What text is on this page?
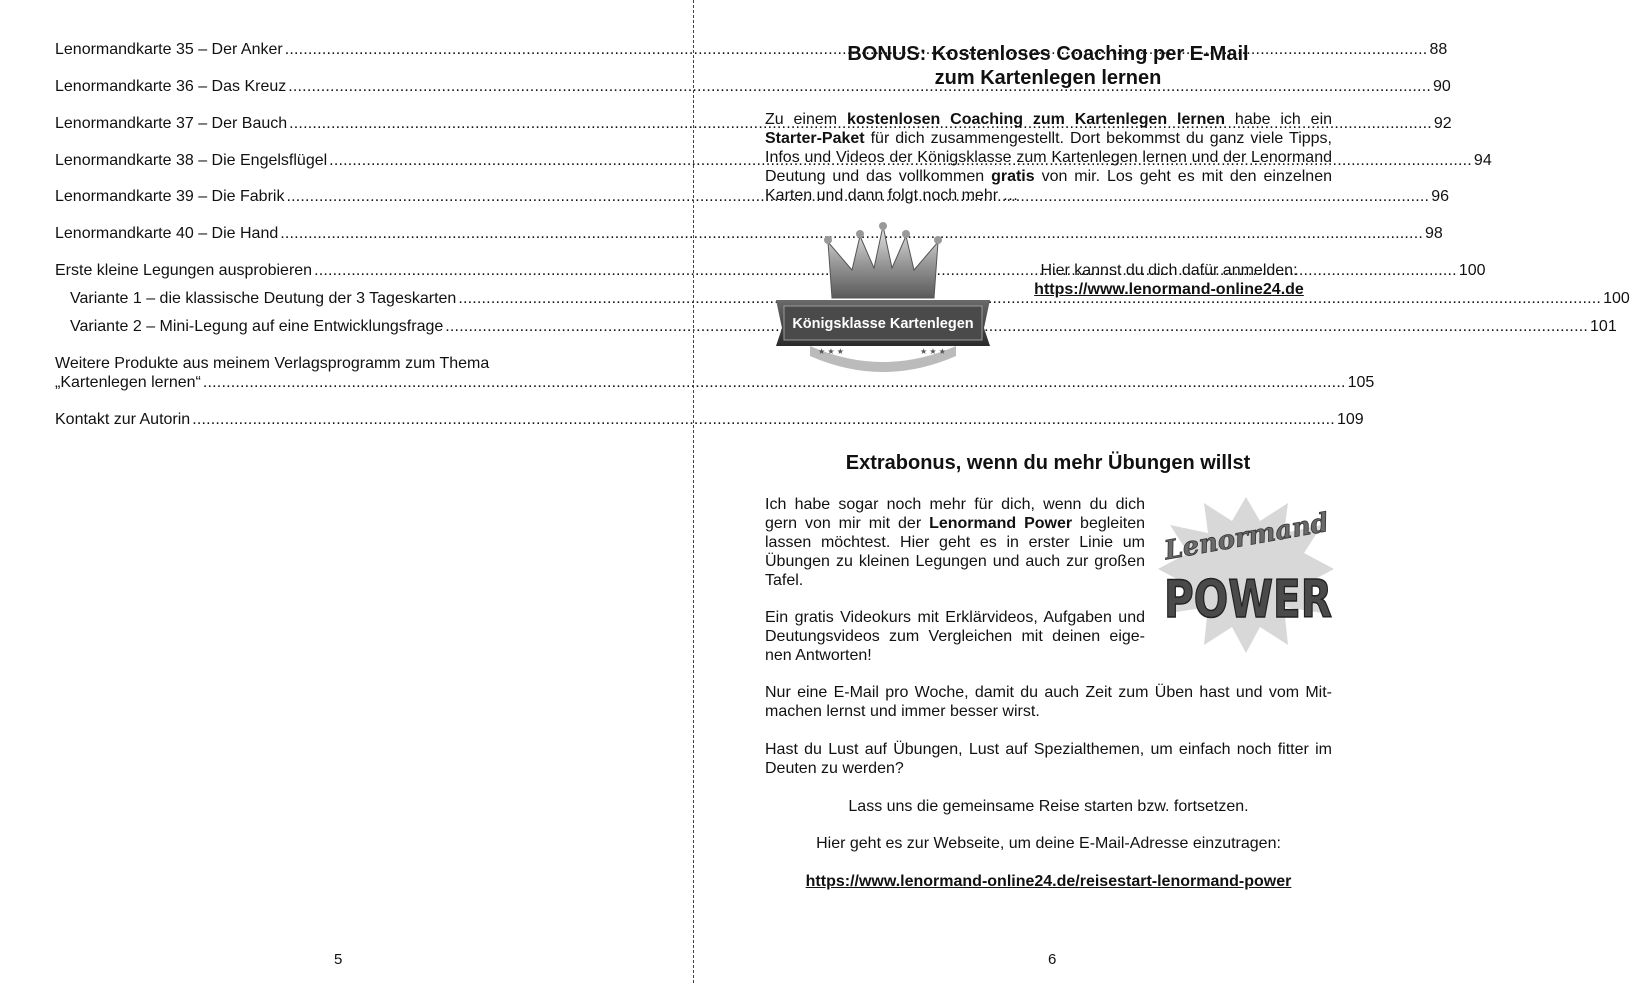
Lenormandkarte 35 – Der Anker .....	88
Lenormandkarte 36 – Das Kreuz .....	90
Lenormandkarte 37 – Der Bauch .....	92
Lenormandkarte 38 – Die Engelsflügel .....	94
Lenormandkarte 39 – Die Fabrik .....	96
Lenormandkarte 40 – Die Hand .....	98
Erste kleine Legungen ausprobieren .....	100
Variante 1 – die klassische Deutung der 3 Tageskarten .....	100
Variante 2 – Mini-Legung auf eine Entwicklungsfrage .....	101
Weitere Produkte aus meinem Verlagsprogramm zum Thema
„Kartenlegen lernen“ .....	105
Kontakt zur Autorin .....	109
5
BONUS: Kostenloses Coaching per E-Mail
zum Kartenlegen lernen

Zu einem kostenlosen Coaching zum Kartenlegen lernen habe ich ein Starter-Paket für dich zusammengestellt. Dort bekommst du ganz viele Tipps, Infos und Videos der Königsklasse zum Kartenlegen lernen und der Lenormand Deutung und das vollkommen gratis von mir. Los geht es mit den einzelnen Karten und dann folgt noch mehr …

Königsklasse Kartenlegen
★ ★ ★	★ ★ ★
Hier kannst du dich dafür anmelden:
https://www.lenormand-online24.de
Extrabonus, wenn du mehr Übungen willst

Ich habe sogar noch mehr für dich, wenn du dich gern von mir mit der Lenormand Power begleiten lassen möchtest. Hier geht es in erster Linie um Übungen zu kleinen Legungen und auch zur großen Tafel.

Ein gratis Videokurs mit Erklärvideos, Aufgaben und Deutungsvideos zum Vergleichen mit deinen eige-nen Antworten!

Nur eine E-Mail pro Woche, damit du auch Zeit zum Üben hast und vom Mit-machen lernst und immer besser wirst.

Hast du Lust auf Übungen, Lust auf Spezialthemen, um einfach noch fitter im Deuten zu werden?

Lass uns die gemeinsame Reise starten bzw. fortsetzen.

Hier geht es zur Webseite, um deine E-Mail-Adresse einzutragen:

https://www.lenormand-online24.de/reisestart-lenormand-power
Lenormand
POWER
6
